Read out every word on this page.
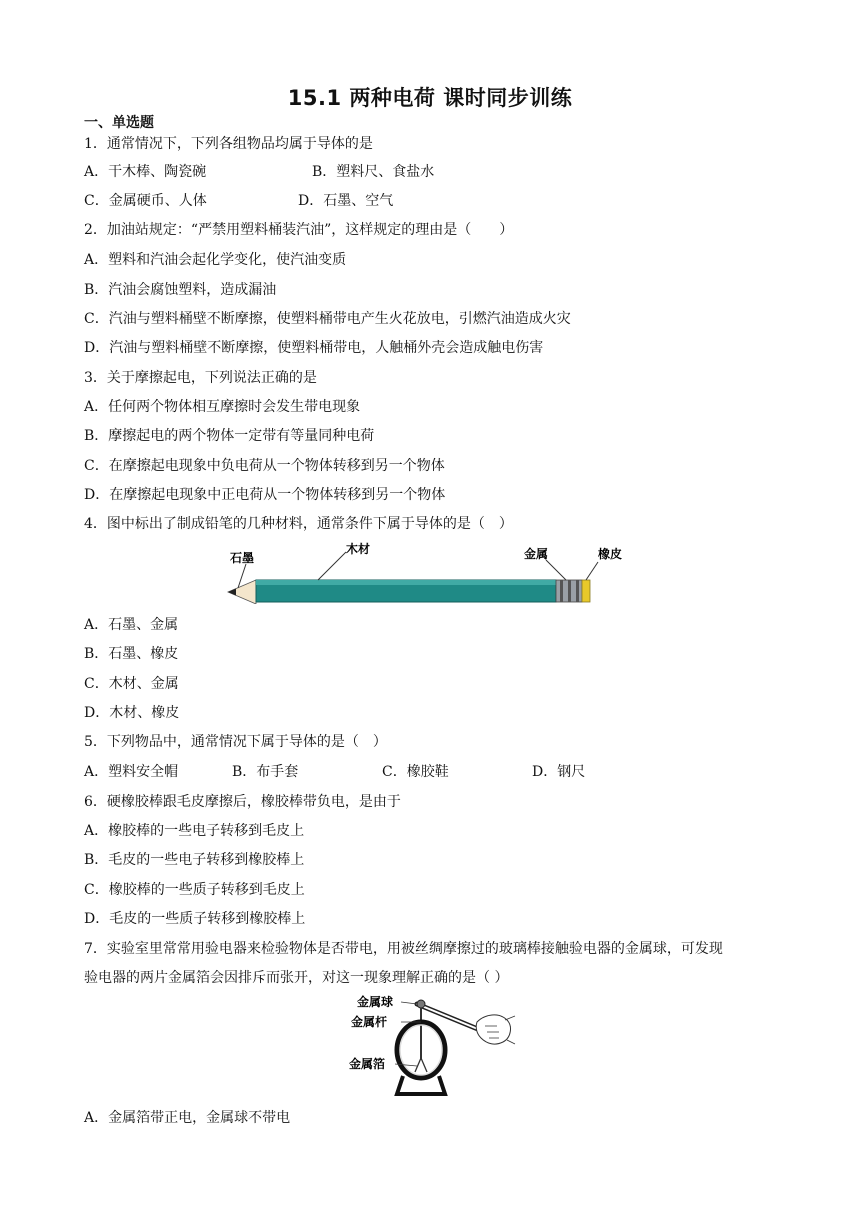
15.1 两种电荷 课时同步训练
一、单选题
1．通常情况下，下列各组物品均属于导体的是
A．干木棒、陶瓷碗	B．塑料尺、食盐水
C．金属硬币、人体	D．石墨、空气
2．加油站规定：“严禁用塑料桶装汽油”，这样规定的理由是（　　）
A．塑料和汽油会起化学变化，使汽油变质
B．汽油会腐蚀塑料，造成漏油
C．汽油与塑料桶壁不断摩擦，使塑料桶带电产生火花放电，引燃汽油造成火灾
D．汽油与塑料桶壁不断摩擦，使塑料桶带电，人触桶外壳会造成触电伤害
3．关于摩擦起电，下列说法正确的是
A．任何两个物体相互摩擦时会发生带电现象
B．摩擦起电的两个物体一定带有等量同种电荷
C．在摩擦起电现象中负电荷从一个物体转移到另一个物体
D．在摩擦起电现象中正电荷从一个物体转移到另一个物体
4．图中标出了制成铅笔的几种材料，通常条件下属于导体的是（　）
石墨
木材	金属	橡皮
A．石墨、金属
B．石墨、橡皮
C．木材、金属
D．木材、橡皮
5．下列物品中，通常情况下属于导体的是（　）
A．塑料安全帽	B．布手套	C．橡胶鞋	D．钢尺
6．硬橡胶棒跟毛皮摩擦后，橡胶棒带负电，是由于
A．橡胶棒的一些电子转移到毛皮上
B．毛皮的一些电子转移到橡胶棒上
C．橡胶棒的一些质子转移到毛皮上
D．毛皮的一些质子转移到橡胶棒上
7．实验室里常常用验电器来检验物体是否带电，用被丝绸摩擦过的玻璃棒接触验电器的金属球，可发现
验电器的两片金属箔会因排斥而张开，对这一现象理解正确的是（ ）
金属球
金属杆
金属箔
A．金属箔带正电，金属球不带电
